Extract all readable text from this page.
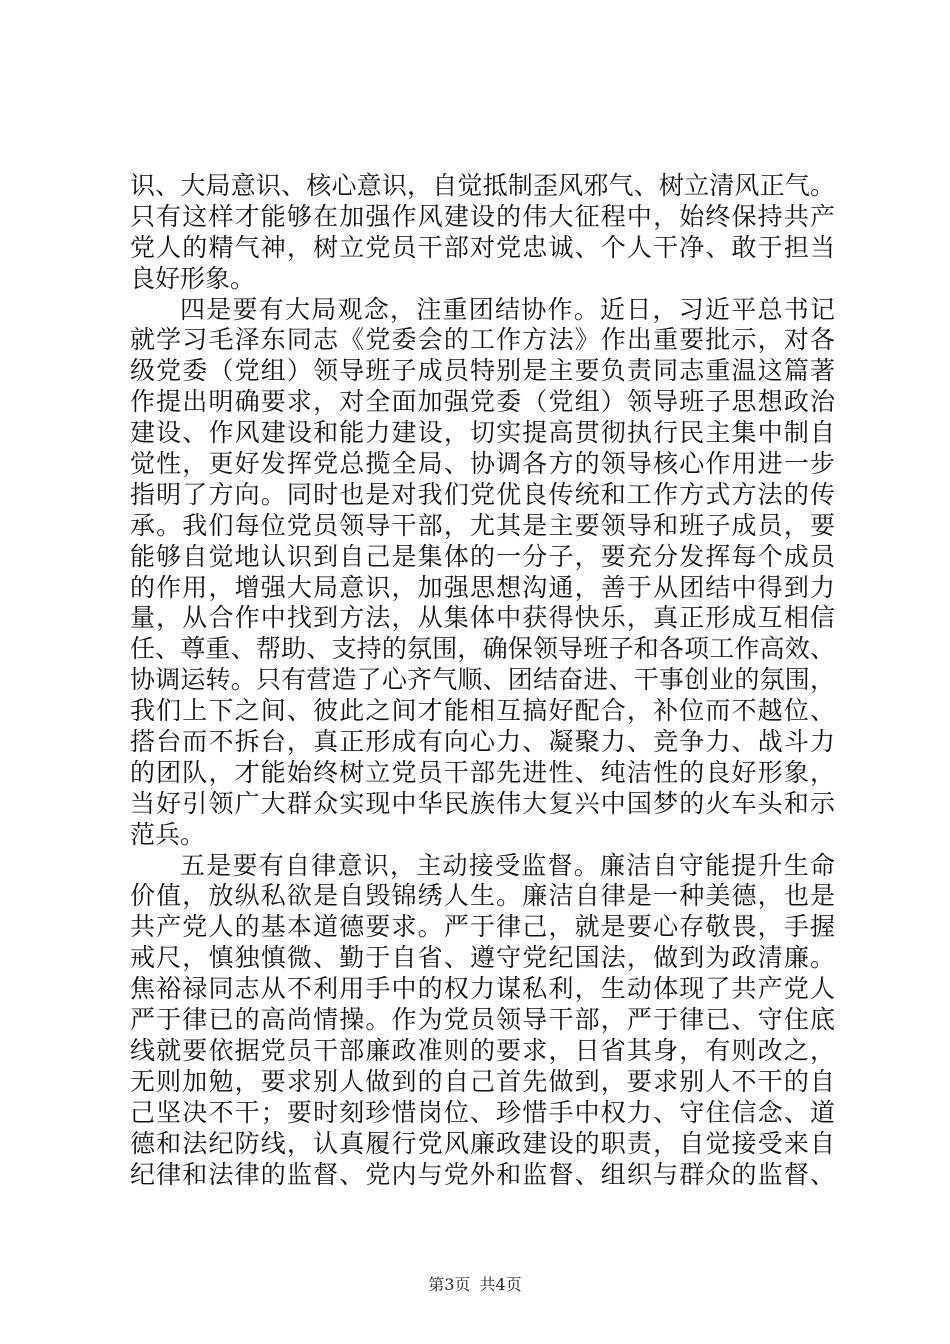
识、大局意识、核心意识，自觉抵制歪风邪气、树立清风正气。
只有这样才能够在加强作风建设的伟大征程中，始终保持共产
党人的精气神，树立党员干部对党忠诚、个人干净、敢于担当
良好形象。
四是要有大局观念，注重团结协作。近日，习近平总书记
就学习毛泽东同志《党委会的工作方法》作出重要批示，对各
级党委（党组）领导班子成员特别是主要负责同志重温这篇著
作提出明确要求，对全面加强党委（党组）领导班子思想政治
建设、作风建设和能力建设，切实提高贯彻执行民主集中制自
觉性，更好发挥党总揽全局、协调各方的领导核心作用进一步
指明了方向。同时也是对我们党优良传统和工作方式方法的传
承。我们每位党员领导干部，尤其是主要领导和班子成员，要
能够自觉地认识到自己是集体的一分子，要充分发挥每个成员
的作用，增强大局意识，加强思想沟通，善于从团结中得到力
量，从合作中找到方法，从集体中获得快乐，真正形成互相信
任、尊重、帮助、支持的氛围，确保领导班子和各项工作高效、
协调运转。只有营造了心齐气顺、团结奋进、干事创业的氛围，
我们上下之间、彼此之间才能相互搞好配合，补位而不越位、
搭台而不拆台，真正形成有向心力、凝聚力、竞争力、战斗力
的团队，才能始终树立党员干部先进性、纯洁性的良好形象，
当好引领广大群众实现中华民族伟大复兴中国梦的火车头和示
范兵。
五是要有自律意识，主动接受监督。廉洁自守能提升生命
价值，放纵私欲是自毁锦绣人生。廉洁自律是一种美德，也是
共产党人的基本道德要求。严于律己，就是要心存敬畏，手握
戒尺，慎独慎微、勤于自省、遵守党纪国法，做到为政清廉。
焦裕禄同志从不利用手中的权力谋私利，生动体现了共产党人
严于律已的高尚情操。作为党员领导干部，严于律已、守住底
线就要依据党员干部廉政准则的要求，日省其身，有则改之，
无则加勉，要求别人做到的自己首先做到，要求别人不干的自
己坚决不干；要时刻珍惜岗位、珍惜手中权力、守住信念、道
德和法纪防线，认真履行党风廉政建设的职责，自觉接受来自
纪律和法律的监督、党内与党外和监督、组织与群众的监督、
第3页 共4页
